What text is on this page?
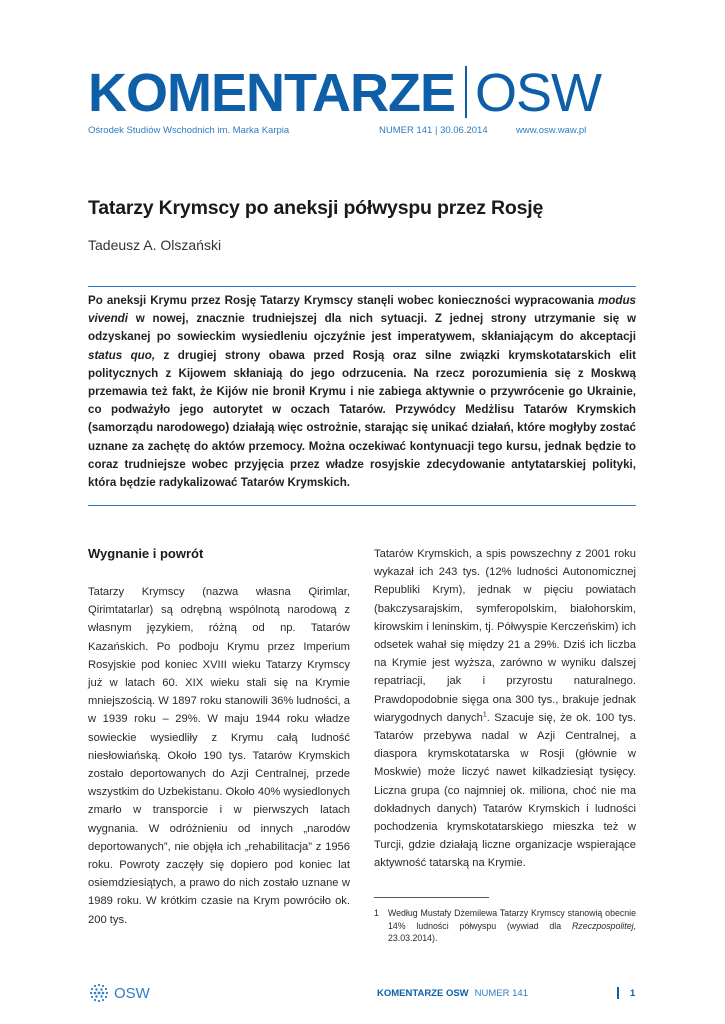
KOMENTARZE OSW
Ośrodek Studiów Wschodnich im. Marka Karpia	NUMER 141 | 30.06.2014	www.osw.waw.pl
Tatarzy Krymscy po aneksji półwyspu przez Rosję
Tadeusz A. Olszański

Po aneksji Krymu przez Rosję Tatarzy Krymscy stanęli wobec konieczności wypracowania modus vivendi w nowej, znacznie trudniejszej dla nich sytuacji. Z jednej strony utrzymanie się w odzyskanej po sowieckim wysiedleniu ojczyźnie jest imperatywem, skłaniającym do akceptacji status quo, z drugiej strony obawa przed Rosją oraz silne związki krymskotatarskich elit politycznych z Kijowem skłaniają do jego odrzucenia. Na rzecz porozumienia się z Moskwą przemawia też fakt, że Kijów nie bronił Krymu i nie zabiega aktywnie o przywrócenie go Ukrainie, co podważyło jego autorytet w oczach Tatarów. Przywódcy Medżlisu Tatarów Krymskich (samorządu narodowego) działają więc ostrożnie, starając się unikać działań, które mogłyby zostać uznane za zachętę do aktów przemocy. Można oczekiwać kontynuacji tego kursu, jednak będzie to coraz trudniejsze wobec przyjęcia przez władze rosyjskie zdecydowanie antytatarskiej polityki, która będzie radykalizować Tatarów Krymskich.

Wygnanie i powrót

Tatarzy Krymscy (nazwa własna Qirimlar, Qirimtatarlar) są odrębną wspólnotą narodową z własnym językiem, różną od np. Tatarów Kazańskich. Po podboju Krymu przez Imperium Rosyjskie pod koniec XVIII wieku Tatarzy Krymscy już w latach 60. XIX wieku stali się na Krymie mniejszością. W 1897 roku stanowili 36% ludności, a w 1939 roku – 29%. W maju 1944 roku władze sowieckie wysiedliły z Krymu całą ludność niesłowiańską. Około 190 tys. Tatarów Krymskich zostało deportowanych do Azji Centralnej, przede wszystkim do Uzbekistanu. Około 40% wysiedlonych zmarło w transporcie i w pierwszych latach wygnania. W odróżnieniu od innych „narodów deportowanych”, nie objęła ich „rehabilitacja” z 1956 roku. Powroty zaczęły się dopiero pod koniec lat osiemdziesiątych, a prawo do nich zostało uznane w 1989 roku. W krótkim czasie na Krym powróciło ok. 200 tys.

Tatarów Krymskich, a spis powszechny z 2001 roku wykazał ich 243 tys. (12% ludności Autonomicznej Republiki Krym), jednak w pięciu powiatach (bakczysarajskim, symferopolskim, białohorskim, kirowskim i leninskim, tj. Półwyspie Kerczeńskim) ich odsetek wahał się między 21 a 29%. Dziś ich liczba na Krymie jest wyższa, zarówno w wyniku dalszej repatriacji, jak i przyrostu naturalnego. Prawdopodobnie sięga ona 300 tys., brakuje jednak wiarygodnych danych$^1$. Szacuje się, że ok. 100 tys. Tatarów przebywa nadal w Azji Centralnej, a diaspora krymskotatarska w Rosji (głównie w Moskwie) może liczyć nawet kilkadziesiąt tysięcy. Liczna grupa (co najmniej ok. miliona, choć nie ma dokładnych danych) Tatarów Krymskich i ludności pochodzenia krymskotatarskiego mieszka też w Turcji, gdzie działają liczne organizacje wspierające aktywność tatarską na Krymie.

1	Według Mustafy Dżemilewa Tatarzy Krymscy stanowią obecnie 14% ludności półwyspu (wywiad dla Rzeczpospolitej, 23.03.2014).
OSW	KOMENTARZE OSW NUMER 141	1
